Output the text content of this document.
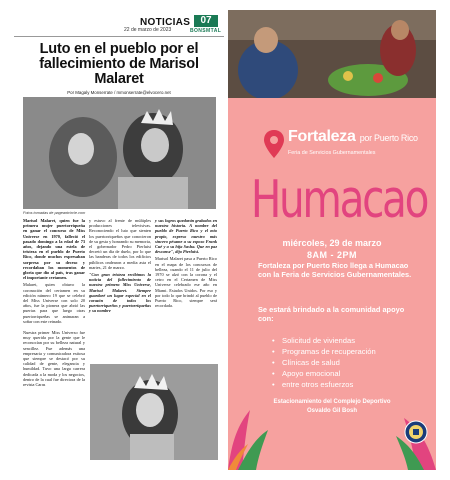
NOTICIAS
22 de marzo de 2023
07
BONSMTAL
Luto en el pueblo por el fallecimiento de Marisol Malaret
Por Magaly Monserrate / mmonserrate@elvocero.net
Fotos tomadas de pageantcircle.com

Marisol Malaret, quien fue la primera mujer puertorriqueña en ganar el concurso de Miss Universe en 1970, falleció el pasado domingo a la edad de 73 años, dejando una estela de tristeza en el pueblo de Puerto Rico, donde muchos expresaban sorpresa por su deceso y recordaban los momentos de gloria que dio al país, tras ganar el importante certamen.

Malaret, quien obtuvo la coronación del certamen en su edición número 19 que se celebró del Miss Universe con solo 20 años, fue la pionera que abrió las puertas para que luego otras puertorriqueñas se animaran a soñar con este reinado.

y estuvo al frente de múltiples producciones televisivas. Reconociendo el luto que sienten los puertorriqueños que conocieron de su gesta y honrando su memoria, el gobernador Pedro Pierluisi decretó un día de duelo, por lo que las banderas de todos los edificios públicos ondearon a media asta el martes, 21 de marzo.

"Con gran tristeza recibimos la noticia del fallecimiento de nuestra primera Miss Universe, Marisol Malaret. Siempre guardaré un lugar especial en el corazón de todos los puertorriqueños y puertorriqueñas y su nombre

y sus logros quedarán grabados en nuestra historia. A nombre del pueblo de Puerto Rico y el mío propio, expreso nuestro más sincero pésame a su esposo Frank Cué y a su hija Sasha. Que en paz descanse", dijo Pierluisi.

Marisol Malaret pasa a Puerto Rico en el mapa de los concursos de belleza, cuando el 11 de julio del 1970 se alzó con la corona y el cetro en el Certamen de Miss Universe celebrado ese año en Miami. Estados Unidos. Por eso y por todo lo que brindó al pueblo de Puerto Rico, siempre será recordada.

Nuestra primer Miss Universo fue muy querida por la gente que le reconocían por su belleza natural y sencillez. Fue además una empresaria y comunicadora exitosa que siempre se destacó por su calidad de gente, elegancia y humildad. Tuvo una larga carrera dedicada a la moda y los negocios, dentro de la cual fue directora de la revista Caras

Fortaleza por Puerto Rico
Feria de Servicios Gubernamentales
Humacao
miércoles, 29 de marzo
8AM - 2PM
Fortaleza por Puerto Rico llega a Humacao con la Feria de Servicios Gubernamentales.
Se estará brindado a la comunidad apoyo con:
• Solicitud de viviendas
• Programas de recuperación
• Clínicas de salud
• Apoyo emocional
• entre otros esfuerzos
Estacionamiento del Complejo Deportivo
Osvaldo Gil Bosh
